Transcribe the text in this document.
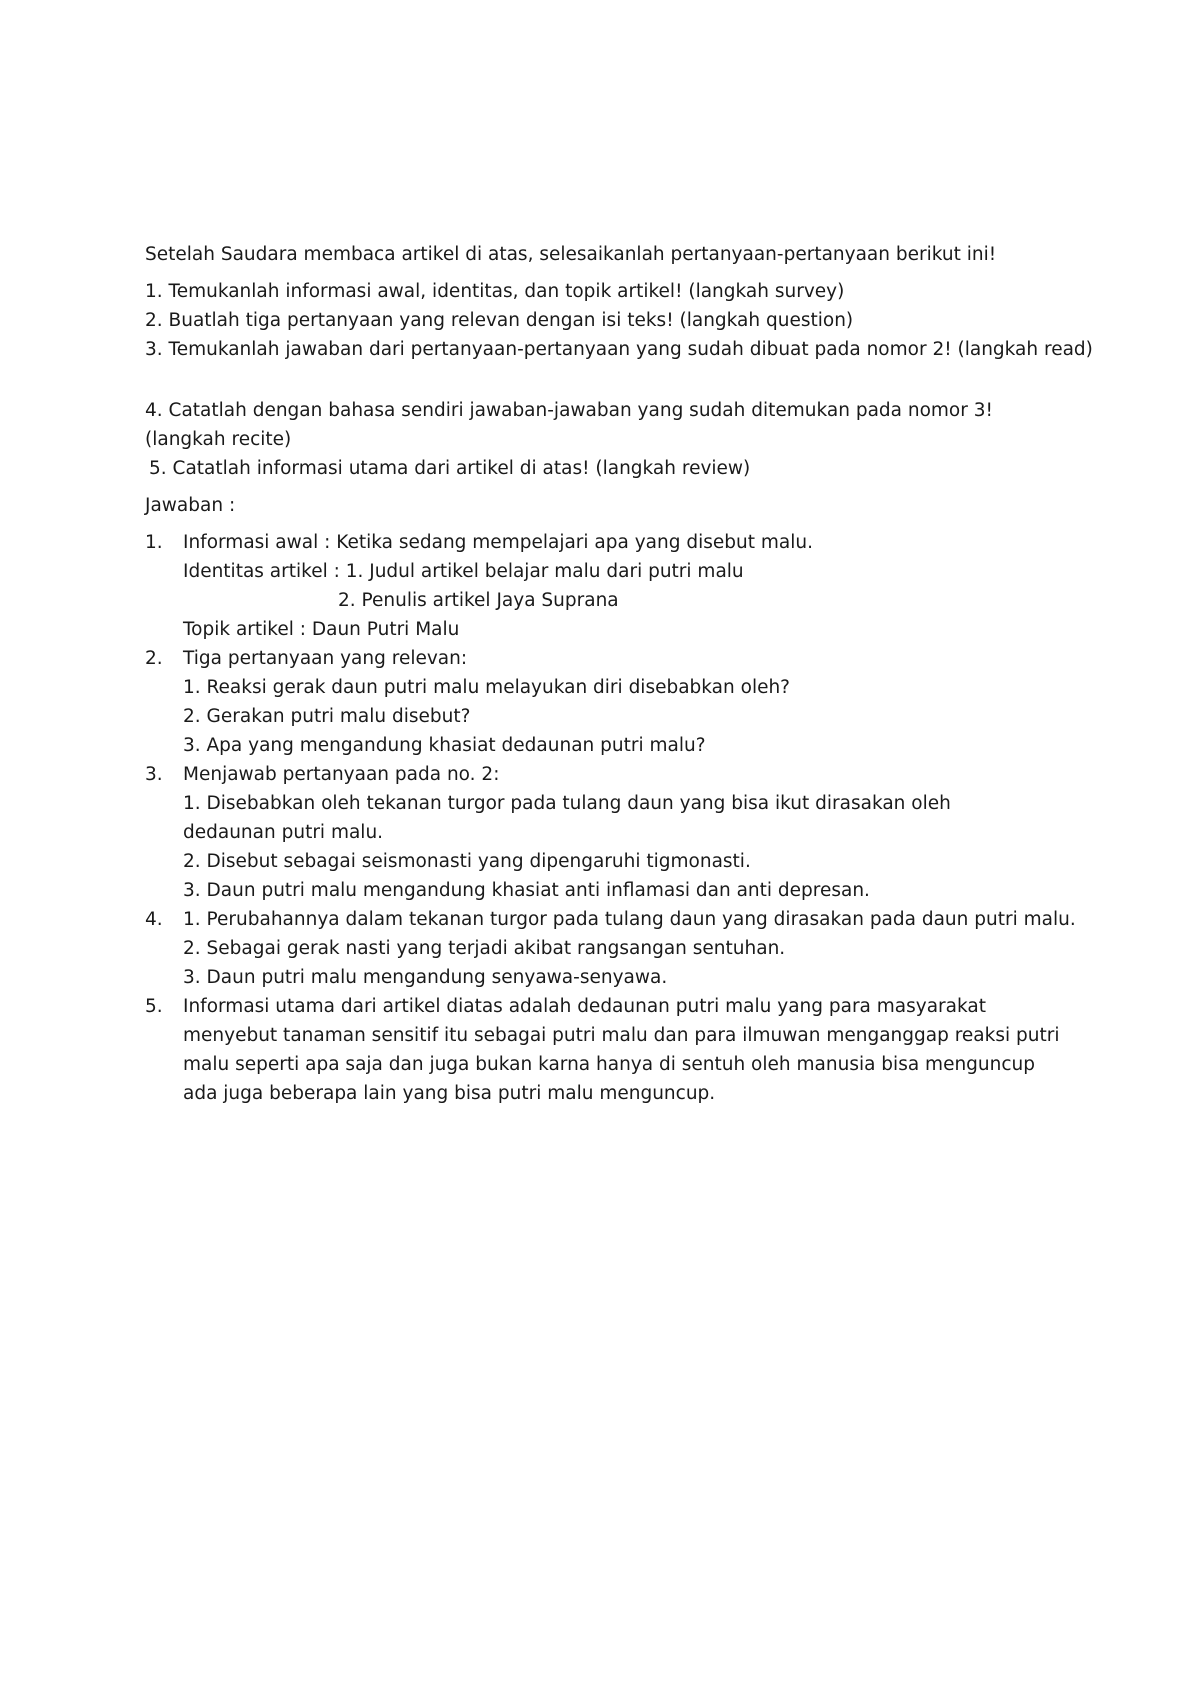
Setelah Saudara membaca artikel di atas, selesaikanlah pertanyaan-pertanyaan berikut ini!
1. Temukanlah informasi awal, identitas, dan topik artikel! (langkah survey)
2. Buatlah tiga pertanyaan yang relevan dengan isi teks! (langkah question)
3. Temukanlah jawaban dari pertanyaan-pertanyaan yang sudah dibuat pada nomor 2! (langkah read)
4. Catatlah dengan bahasa sendiri jawaban-jawaban yang sudah ditemukan pada nomor 3! (langkah recite)
5. Catatlah informasi utama dari artikel di atas! (langkah review)
Jawaban :
1.	Informasi awal : Ketika sedang mempelajari apa yang disebut malu.
Identitas artikel : 1. Judul artikel belajar malu dari putri malu
2. Penulis artikel Jaya Suprana
Topik artikel : Daun Putri Malu
2.	Tiga pertanyaan yang relevan:
1. Reaksi gerak daun putri malu melayukan diri disebabkan oleh?
2. Gerakan putri malu disebut?
3. Apa yang mengandung khasiat dedaunan putri malu?
3.	Menjawab pertanyaan pada no. 2:
1. Disebabkan oleh tekanan turgor pada tulang daun yang bisa ikut dirasakan oleh dedaunan putri malu.
2. Disebut sebagai seismonasti yang dipengaruhi tigmonasti.
3. Daun putri malu mengandung khasiat anti inflamasi dan anti depresan.
4.	1. Perubahannya dalam tekanan turgor pada tulang daun yang dirasakan pada daun putri malu.
2. Sebagai gerak nasti yang terjadi akibat rangsangan sentuhan.
3. Daun putri malu mengandung senyawa-senyawa.
5.	Informasi utama dari artikel diatas adalah dedaunan putri malu yang para masyarakat menyebut tanaman sensitif itu sebagai putri malu dan para ilmuwan menganggap reaksi putri malu seperti apa saja dan juga bukan karna hanya di sentuh oleh manusia bisa menguncup ada juga beberapa lain yang bisa putri malu menguncup.
